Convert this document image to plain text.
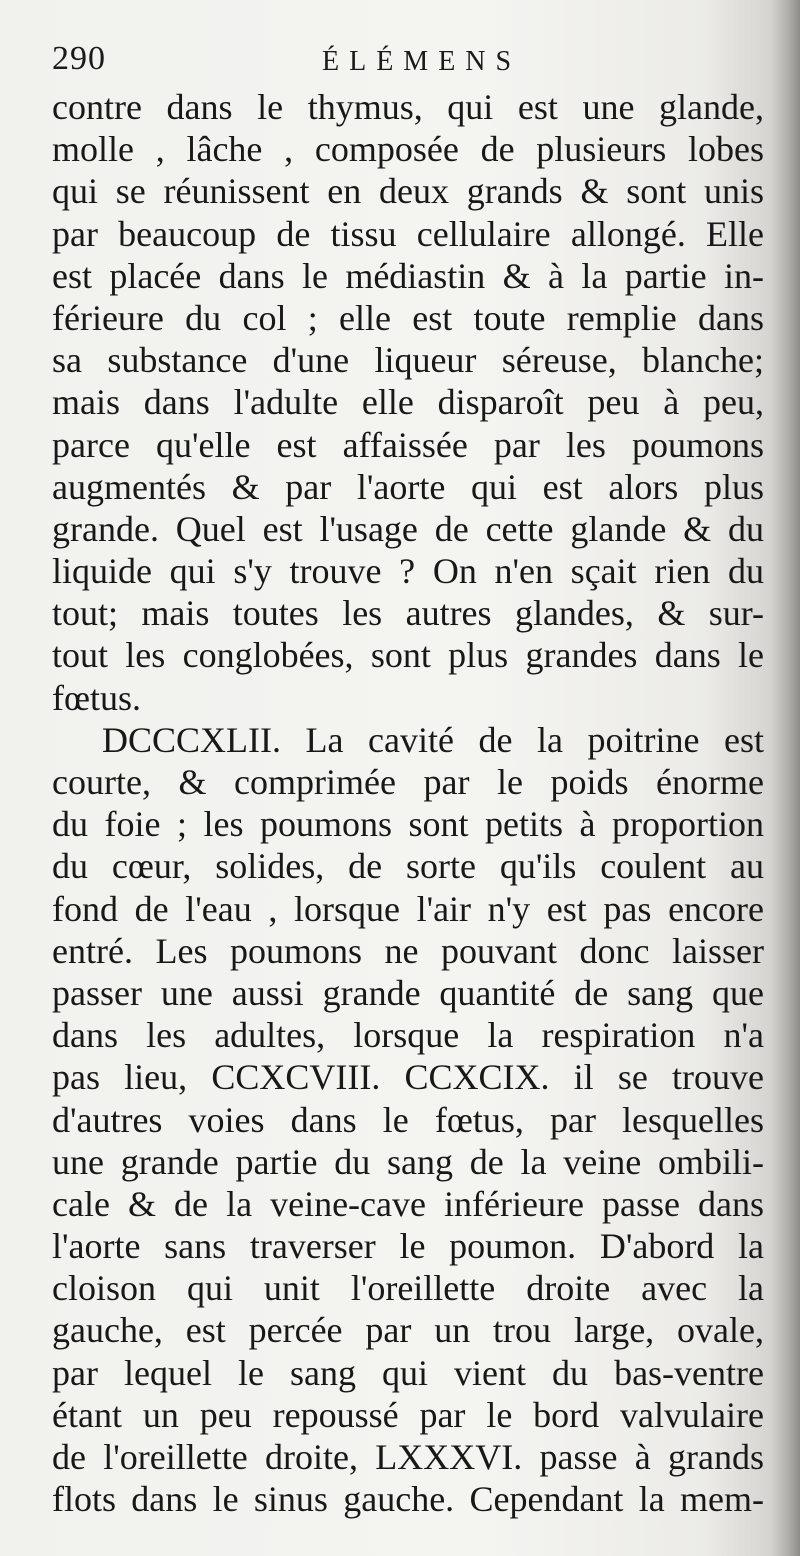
290	ÉLÉMENS
contre dans le thymus, qui est une glande,
molle , lâche , composée de plusieurs lobes
qui se réunissent en deux grands & sont unis
par beaucoup de tissu cellulaire allongé. Elle
est placée dans le médiastin & à la partie in-
férieure du col ; elle est toute remplie dans
sa substance d'une liqueur séreuse, blanche;
mais dans l'adulte elle disparoît peu à peu,
parce qu'elle est affaissée par les poumons
augmentés & par l'aorte qui est alors plus
grande. Quel est l'usage de cette glande & du
liquide qui s'y trouve ? On n'en sçait rien du
tout; mais toutes les autres glandes, & sur-
tout les conglobées, sont plus grandes dans le
fœtus.
DCCCXLII. La cavité de la poitrine est
courte, & comprimée par le poids énorme
du foie ; les poumons sont petits à proportion
du cœur, solides, de sorte qu'ils coulent au
fond de l'eau , lorsque l'air n'y est pas encore
entré. Les poumons ne pouvant donc laisser
passer une aussi grande quantité de sang que
dans les adultes, lorsque la respiration n'a
pas lieu, CCXCVIII. CCXCIX. il se trouve
d'autres voies dans le fœtus, par lesquelles
une grande partie du sang de la veine ombili-
cale & de la veine-cave inférieure passe dans
l'aorte sans traverser le poumon. D'abord la
cloison qui unit l'oreillette droite avec la
gauche, est percée par un trou large, ovale,
par lequel le sang qui vient du bas-ventre
étant un peu repoussé par le bord valvulaire
de l'oreillette droite, LXXXVI. passe à grands
flots dans le sinus gauche. Cependant la mem-
